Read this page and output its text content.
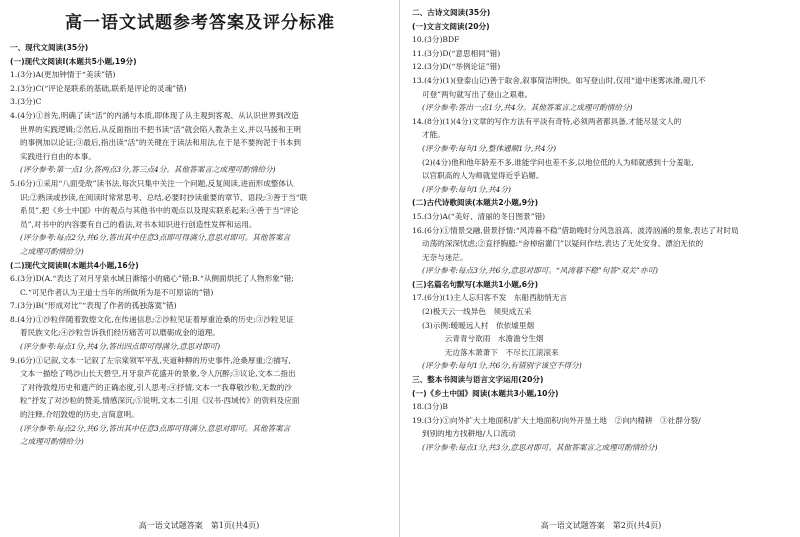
高一语文试题参考答案及评分标准
一、现代文阅读(35分)
(一)现代文阅读Ⅰ(本题共5小题,19分)
1.(3分)A(更加钟情于“美读”错)
2.(3分)C(“评论是联系的基础,联系是评论的灵魂”错)
3.(3分)C
4.(4分)①首先,明确了读“活”的内涵与本质,即体现了从主观到客观、从认识世界到改造
世界的实践逻辑;②然后,从反面指出不把书读“活”就会陷入教条主义,并以马援和王明
的事例加以论证;③最后,指出读“活”的关键在于读法和用法,在于是不要拘泥于书本到
实践进行自由的本事。
(评分参考:第一点1分,答两点3分,答三点4分。其他答案言之成理可酌情给分)
5.(6分)①采用“八面受敌”读书法,每次只集中关注一个问题,反复阅读,进而形成整体认
识;②熟读或抄读,在阅读时常常思考、总结,必要时抄读重要的章节、语段;③善于当“联
系员”,把《乡土中国》中的观点与其他书中的观点以及现实联系起来;④善于当“评论
员”,对书中的内容要有自己的看法,对书本知识进行创造性发挥和运用。
(评分参考:每点2分,共6分,答出其中任意3点即可得满分,意思对即可。其他答案言
之成理可酌情给分)
(二)现代文阅读Ⅱ(本题共4小题,16分)
6.(3分)D(A.“表达了对月牙泉水域日渐缩小的痛心”错;B.“从侧面烘托了人物形象”错;
C.“可见作者认为王道士当年的所做所为是不可原谅的”错)
7.(3分)B(“形成对比”“表现了作者的孤独落寞”错)
8.(4分)①沙粒伴随着敦煌文化,在传递信息;②沙粒见证着厚重沧桑的历史;③沙粒见证
着民族文化;④沙粒告诉我们经历痛苦可以磨砺成金的道理。
(评分参考:每点1分,共4分,答出四点即可得满分,意思对即可)
9.(6分)①记叙,文本一记叙了左宗棠领军平乱,夹道种柳的历史事件,沧桑厚重;②描写,
文本一描绘了鸣沙山长天碧空,月牙泉芦花盛开的景象,令人沉醉;③议论,文本二指出
了对待敦煌历史和遗产的正确态度,引人思考;④抒情,文本一“我尊敬沙粒,无数的沙
粒”抒发了对沙粒的赞美,情感深沉;⑤说明,文本二引用《汉书·西域传》的资料及应面
的注释,介绍敦煌的历史,言简意明。
(评分参考:每点2分,共6分,答出其中任意3点即可得满分,意思对即可。其他答案言
之成理可酌情给分)
高一语文试题答案　第1页(共4页)
二、古诗文阅读(35分)
(一)文言文阅读(20分)
10.(3分)BDF
11.(3分)D(“意思相同”错)
12.(3分)D(“举例论证”错)
13.(4分)(1)(登泰山记)善于取舍,叙事简洁明快。如写登山时,仅用“道中迷雾冰滑,磴几不
可登”两句就写出了登山之艰难。
(评分参考:答出一点1分,共4分。其他答案言之成理可酌情给分)
14.(8分)(1)(4分)文章的写作方法有平淡有奇特,必须两者都具备,才能尽显文人的
才能。
(评分参考:每句1分,整体通顺1分,共4分)
(2)(4分)他和他年龄差不多,谁能学问也差不多,以地位低的人为师就感到十分羞耻,
以官职高的人为师就觉得近乎谄媚。
(评分参考:每句1分,共4分)
(二)古代诗歌阅读(本题共2小题,9分)
15.(3分)A(“美好、清丽的冬日图景”错)
16.(6分)①情景交融,借景抒情:“风涛暮不稳”借助晚时分风急浪高、波涛汹涌的景象,表达了对时局
动荡的深深忧虑;②直抒胸臆:“舍棹宿灌门”以疑问作结,表达了无处安身、漂泊无依的
无奈与迷茫。
(评分参考:每点3分,共6分,意思对即可。“风涛暮不稳”句答“双关”亦可)
(三)名篇名句默写(本题共1小题,6分)
17.(6分)(1)主人忘归客不发　东船西舫悄无言
(2)极天云一线异色　须臾成五采
(3)示例:暧暧远人村　依依墟里烟
　　　云青青兮欲雨　水澹澹兮生烟
　　　无边落木萧萧下　不尽长江滚滚来
(评分参考:每句1分,共6分,有错别字该空不得分)
三、整本书阅读与语言文字运用(20分)
(一)《乡土中国》阅读(本题共3小题,10分)
18.(3分)B
19.(3分)①向外扩大土地面积/扩大土地面积/向外开垦土地　②向内精耕　③社群分裂/
到别的地方找耕地/人口流动
(评分参考:每点1分,共3分,意思对即可。其他答案言之成理可酌情给分)
高一语文试题答案　第2页(共4页)
